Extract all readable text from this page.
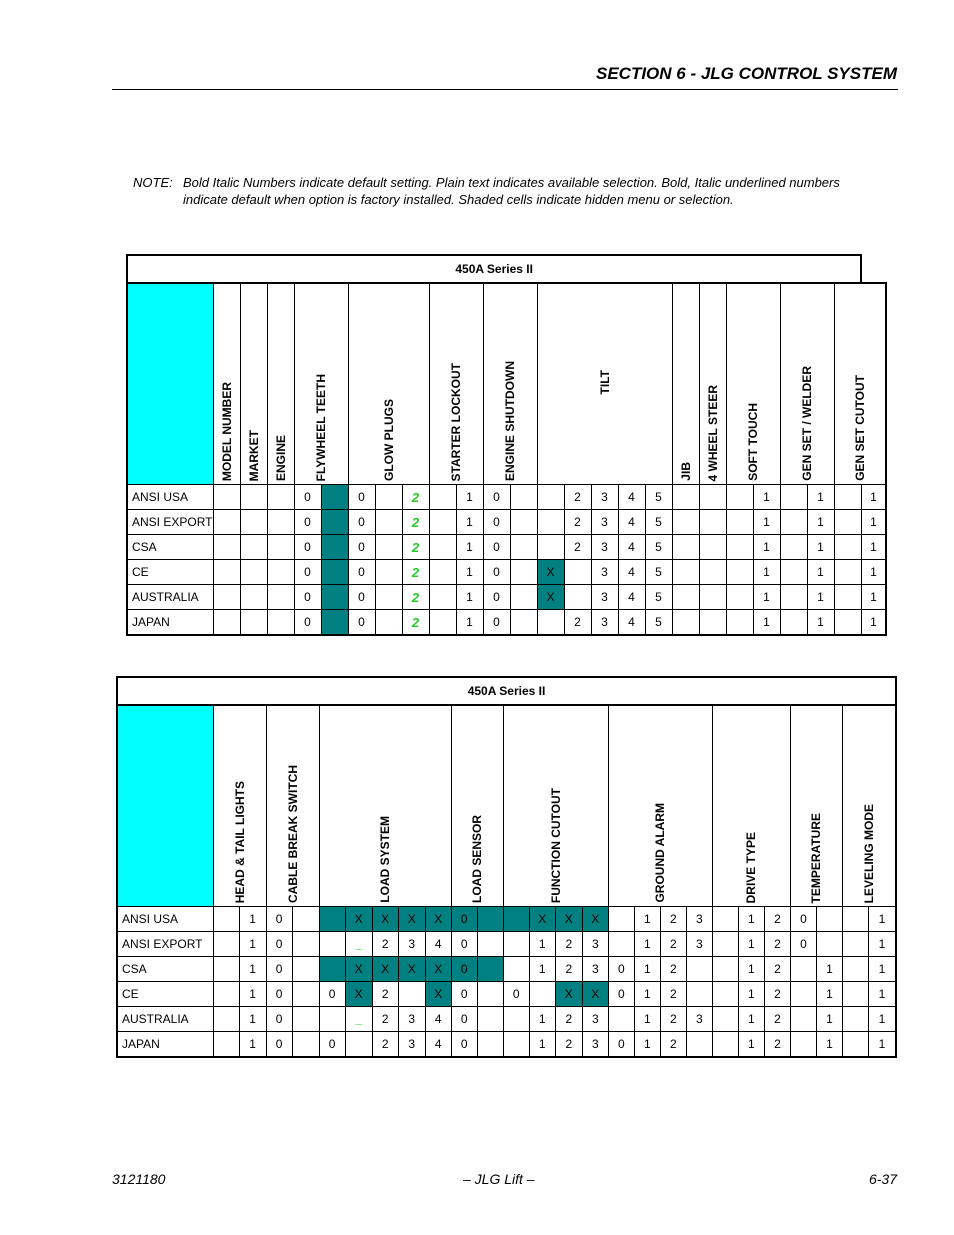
SECTION 6 - JLG CONTROL SYSTEM
NOTE: Bold Italic Numbers indicate default setting. Plain text indicates available selection. Bold, Italic underlined numbers indicate default when option is factory installed. Shaded cells indicate hidden menu or selection.
450A Series II																									
	MODEL NUMBER	MARKET	ENGINE	FLYWHEEL TEETH		GLOW PLUGS			STARTER LOCKOUT		ENGINE SHUTDOWN		TILT					JIB	4 WHEEL STEER	SOFT TOUCH		GEN SET / WELDER		GEN SET CUTOUT	
ANSI USA				0		0		2		1	0			2	3	4	5				1		1		1
ANSI EXPORT				0		0		2		1	0			2	3	4	5				1		1		1
CSA				0		0		2		1	0			2	3	4	5				1		1		1
CE				0		0		2		1	0		X		3	4	5				1		1		1
AUSTRALIA				0		0		2		1	0		X		3	4	5				1		1		1
JAPAN				0		0		2		1	0			2	3	4	5				1		1		1
450A Series II																										
	HEAD & TAIL LIGHTS		CABLE BREAK SWITCH		LOAD SYSTEM					LOAD SENSOR		FUNCTION CUTOUT				GROUND ALARM				DRIVE TYPE			TEMPERATURE		LEVELING MODE	
ANSI USA		1	0			X	X	X	X	0			X	X	X		1	2	3		1	2	0			1
ANSI EXPORT		1	0			_	2	3	4	0			1	2	3		1	2	3		1	2	0			1
CSA		1	0			X	X	X	X	0			1	2	3	0	1	2			1	2		1		1
CE		1	0		0	X	2		X	0		0		X	X	0	1	2			1	2		1		1
AUSTRALIA		1	0			_	2	3	4	0			1	2	3		1	2	3		1	2		1		1
JAPAN		1	0		0		2	3	4	0			1	2	3	0	1	2			1	2		1		1
3121180	– JLG Lift –	6-37
